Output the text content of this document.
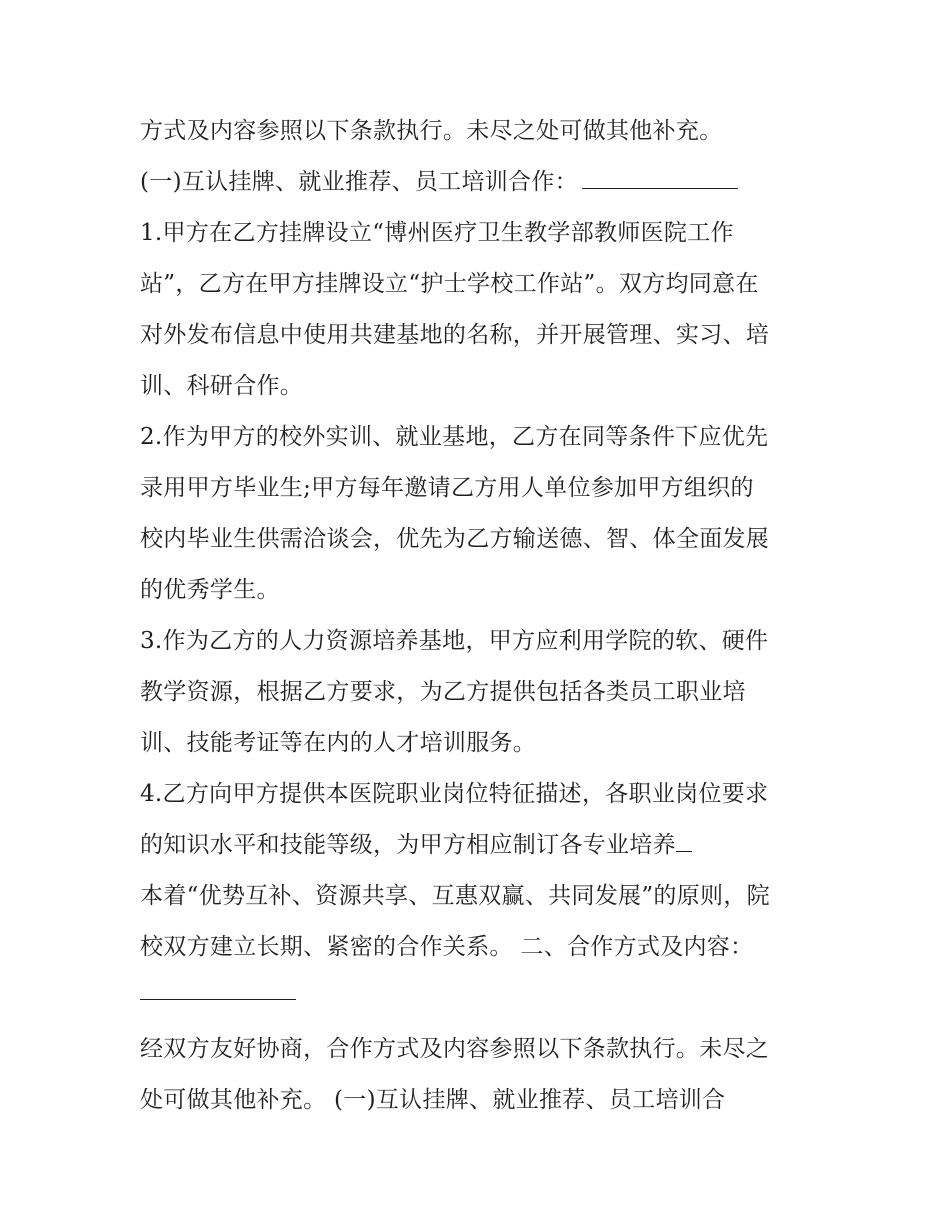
方式及内容参照以下条款执行。未尽之处可做其他补充。
(一)互认挂牌、就业推荐、员工培训合作：
1.甲方在乙方挂牌设立“博州医疗卫生教学部教师医院工作
站”，乙方在甲方挂牌设立“护士学校工作站”。双方均同意在
对外发布信息中使用共建基地的名称，并开展管理、实习、培
训、科研合作。
2.作为甲方的校外实训、就业基地，乙方在同等条件下应优先
录用甲方毕业生;甲方每年邀请乙方用人单位参加甲方组织的
校内毕业生供需洽谈会，优先为乙方输送德、智、体全面发展
的优秀学生。
3.作为乙方的人力资源培养基地，甲方应利用学院的软、硬件
教学资源，根据乙方要求，为乙方提供包括各类员工职业培
训、技能考证等在内的人才培训服务。
4.乙方向甲方提供本医院职业岗位特征描述，各职业岗位要求
的知识水平和技能等级，为甲方相应制订各专业培养
本着“优势互补、资源共享、互惠双赢、共同发展”的原则，院
校双方建立长期、紧密的合作关系。 二、合作方式及内容：
经双方友好协商，合作方式及内容参照以下条款执行。未尽之
处可做其他补充。 (一)互认挂牌、就业推荐、员工培训合
